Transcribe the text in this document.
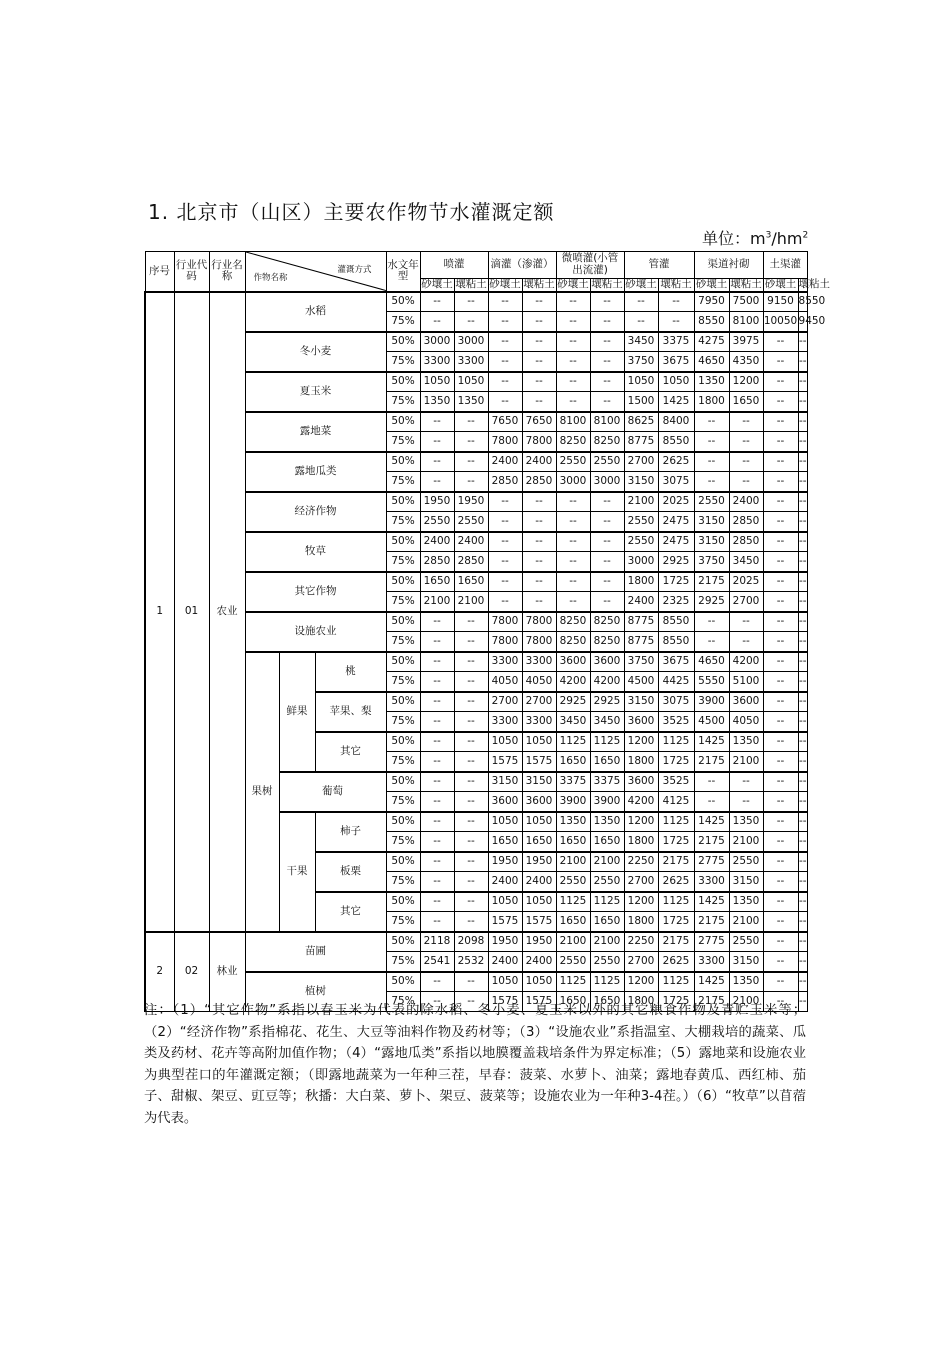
1. 北京市（山区）主要农作物节水灌溉定额
单位：$m^3/hm^2$
序号	行业代码	行业名称	灌溉方式
作物名称			水文年型	喷灌		滴灌（渗灌）		微喷灌(小管出流灌)		管灌		渠道衬砌		土渠灌	
							砂壤土	壤粘土	砂壤土	壤粘土	砂壤土	壤粘土	砂壤土	壤粘土	砂壤土	壤粘土	砂壤土	壤粘土
1	01	农业	水稻			50%	--	--	--	--	--	--	--	--	7950	7500	9150	8550
						75%	--	--	--	--	--	--	--	--	8550	8100	10050	9450
			冬小麦			50%	3000	3000	--	--	--	--	3450	3375	4275	3975	--	--
						75%	3300	3300	--	--	--	--	3750	3675	4650	4350	--	--
			夏玉米			50%	1050	1050	--	--	--	--	1050	1050	1350	1200	--	--
						75%	1350	1350	--	--	--	--	1500	1425	1800	1650	--	--
			露地菜			50%	--	--	7650	7650	8100	8100	8625	8400	--	--	--	--
						75%	--	--	7800	7800	8250	8250	8775	8550	--	--	--	--
			露地瓜类			50%	--	--	2400	2400	2550	2550	2700	2625	--	--	--	--
						75%	--	--	2850	2850	3000	3000	3150	3075	--	--	--	--
			经济作物			50%	1950	1950	--	--	--	--	2100	2025	2550	2400	--	--
						75%	2550	2550	--	--	--	--	2550	2475	3150	2850	--	--
			牧草			50%	2400	2400	--	--	--	--	2550	2475	3150	2850	--	--
						75%	2850	2850	--	--	--	--	3000	2925	3750	3450	--	--
			其它作物			50%	1650	1650	--	--	--	--	1800	1725	2175	2025	--	--
						75%	2100	2100	--	--	--	--	2400	2325	2925	2700	--	--
			设施农业			50%	--	--	7800	7800	8250	8250	8775	8550	--	--	--	--
						75%	--	--	7800	7800	8250	8250	8775	8550	--	--	--	--
			果树	鲜果	桃	50%	--	--	3300	3300	3600	3600	3750	3675	4650	4200	--	--
						75%	--	--	4050	4050	4200	4200	4500	4425	5550	5100	--	--
					苹果、梨	50%	--	--	2700	2700	2925	2925	3150	3075	3900	3600	--	--
						75%	--	--	3300	3300	3450	3450	3600	3525	4500	4050	--	--
					其它	50%	--	--	1050	1050	1125	1125	1200	1125	1425	1350	--	--
						75%	--	--	1575	1575	1650	1650	1800	1725	2175	2100	--	--
				葡萄		50%	--	--	3150	3150	3375	3375	3600	3525	--	--	--	--
						75%	--	--	3600	3600	3900	3900	4200	4125	--	--	--	--
				干果	柿子	50%	--	--	1050	1050	1350	1350	1200	1125	1425	1350	--	--
						75%	--	--	1650	1650	1650	1650	1800	1725	2175	2100	--	--
					板栗	50%	--	--	1950	1950	2100	2100	2250	2175	2775	2550	--	--
						75%	--	--	2400	2400	2550	2550	2700	2625	3300	3150	--	--
					其它	50%	--	--	1050	1050	1125	1125	1200	1125	1425	1350	--	--
						75%	--	--	1575	1575	1650	1650	1800	1725	2175	2100	--	--
2	02	林业	苗圃			50%	2118	2098	1950	1950	2100	2100	2250	2175	2775	2550	--	--
						75%	2541	2532	2400	2400	2550	2550	2700	2625	3300	3150	--	--
			植树			50%	--	--	1050	1050	1125	1125	1200	1125	1425	1350	--	--
						75%	--	--	1575	1575	1650	1650	1800	1725	2175	2100	--	--
注：（1）“其它作物”系指以春玉米为代表的除水稻、冬小麦、夏玉米以外的其它粮食作物及青贮玉米等；（2）“经济作物”系指棉花、花生、大豆等油料作物及药材等；（3）“设施农业”系指温室、大棚栽培的蔬菜、瓜类及药材、花卉等高附加值作物；（4）“露地瓜类”系指以地膜覆盖栽培条件为界定标准；（5）露地菜和设施农业为典型茬口的年灌溉定额；（即露地蔬菜为一年种三茬，早春：菠菜、水萝卜、油菜；露地春黄瓜、西红柿、茄子、甜椒、架豆、豇豆等；秋播：大白菜、萝卜、架豆、菠菜等；设施农业为一年种3-4茬。）（6）“牧草”以苜蓿为代表。
